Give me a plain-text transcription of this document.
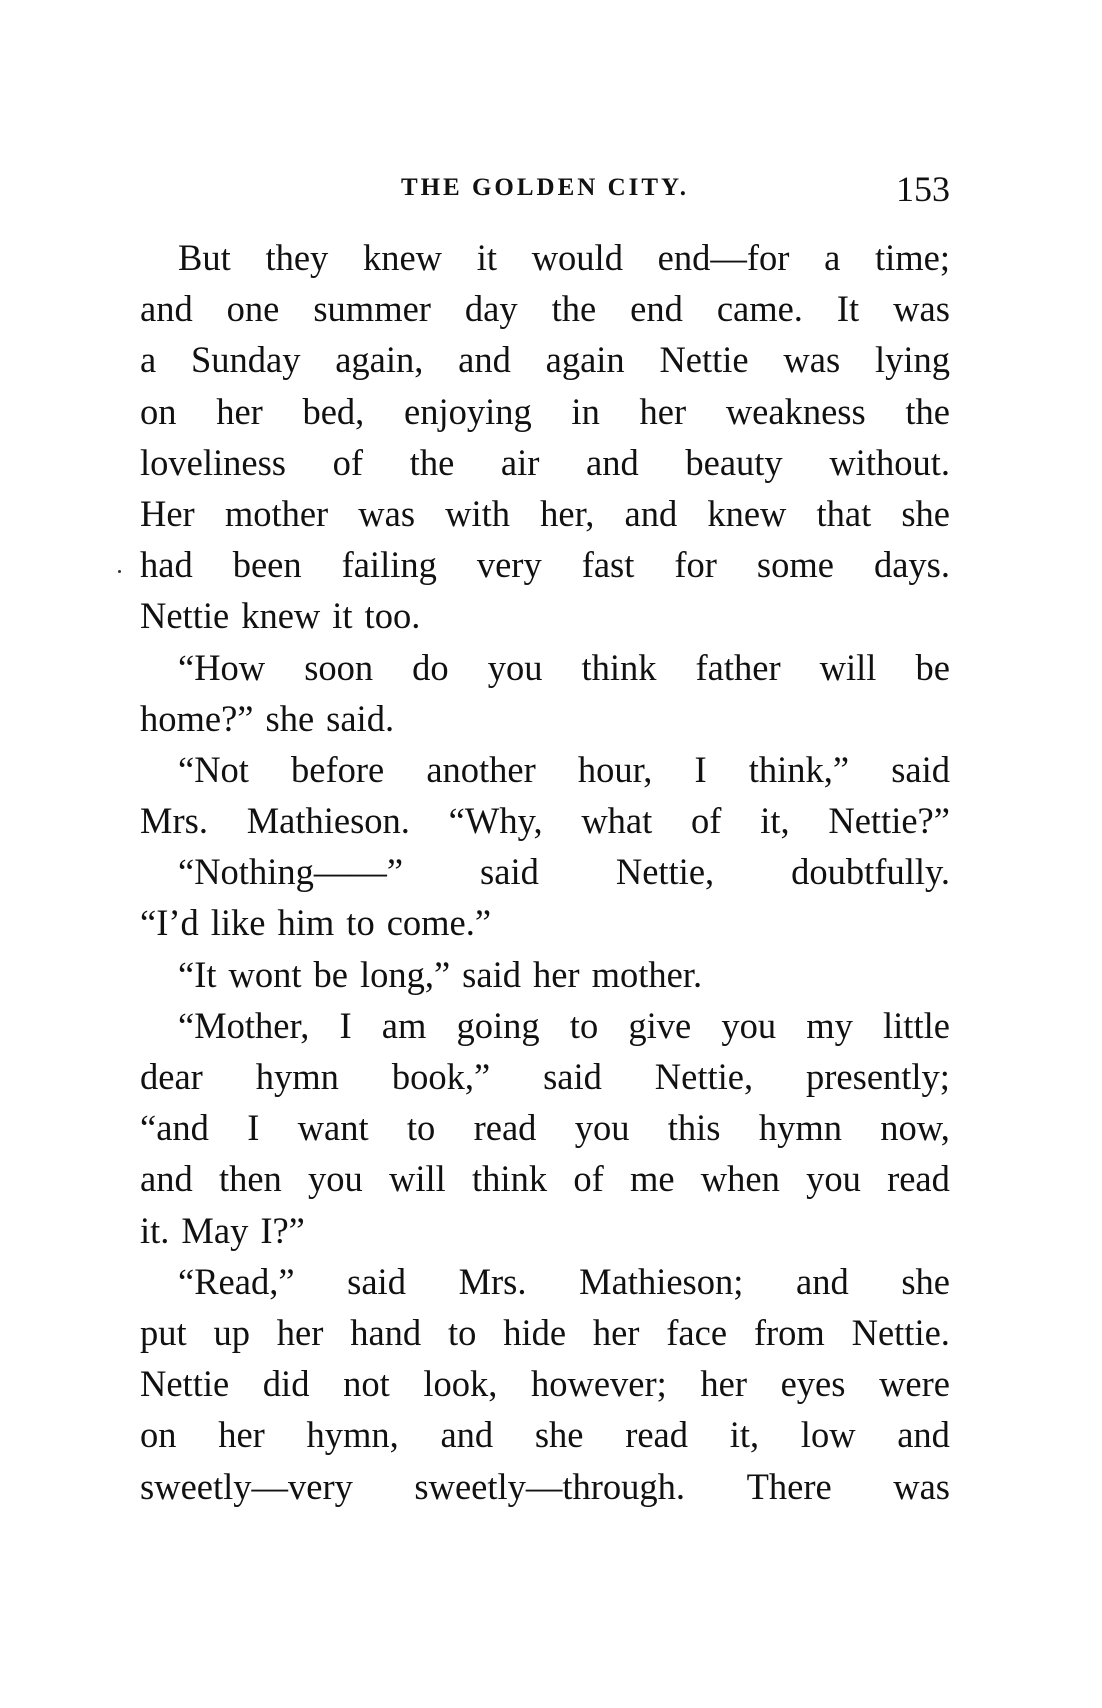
THE GOLDEN CITY.	153
But they knew it would end—for a time;
and one summer day the end came. It was
a Sunday again, and again Nettie was lying
on her bed, enjoying in her weakness the
loveliness of the air and beauty without.
Her mother was with her, and knew that she
had been failing very fast for some days.
Nettie knew it too.
“How soon do you think father will be
home?” she said.
“Not before another hour, I think,” said
Mrs. Mathieson. “Why, what of it, Nettie?”
“Nothing——” said Nettie, doubtfully.
“I’d like him to come.”
“It wont be long,” said her mother.
“Mother, I am going to give you my little
dear hymn book,” said Nettie, presently;
“and I want to read you this hymn now,
and then you will think of me when you read
it. May I?”
“Read,” said Mrs. Mathieson; and she
put up her hand to hide her face from Nettie.
Nettie did not look, however; her eyes were
on her hymn, and she read it, low and
sweetly—very sweetly—through. There was
